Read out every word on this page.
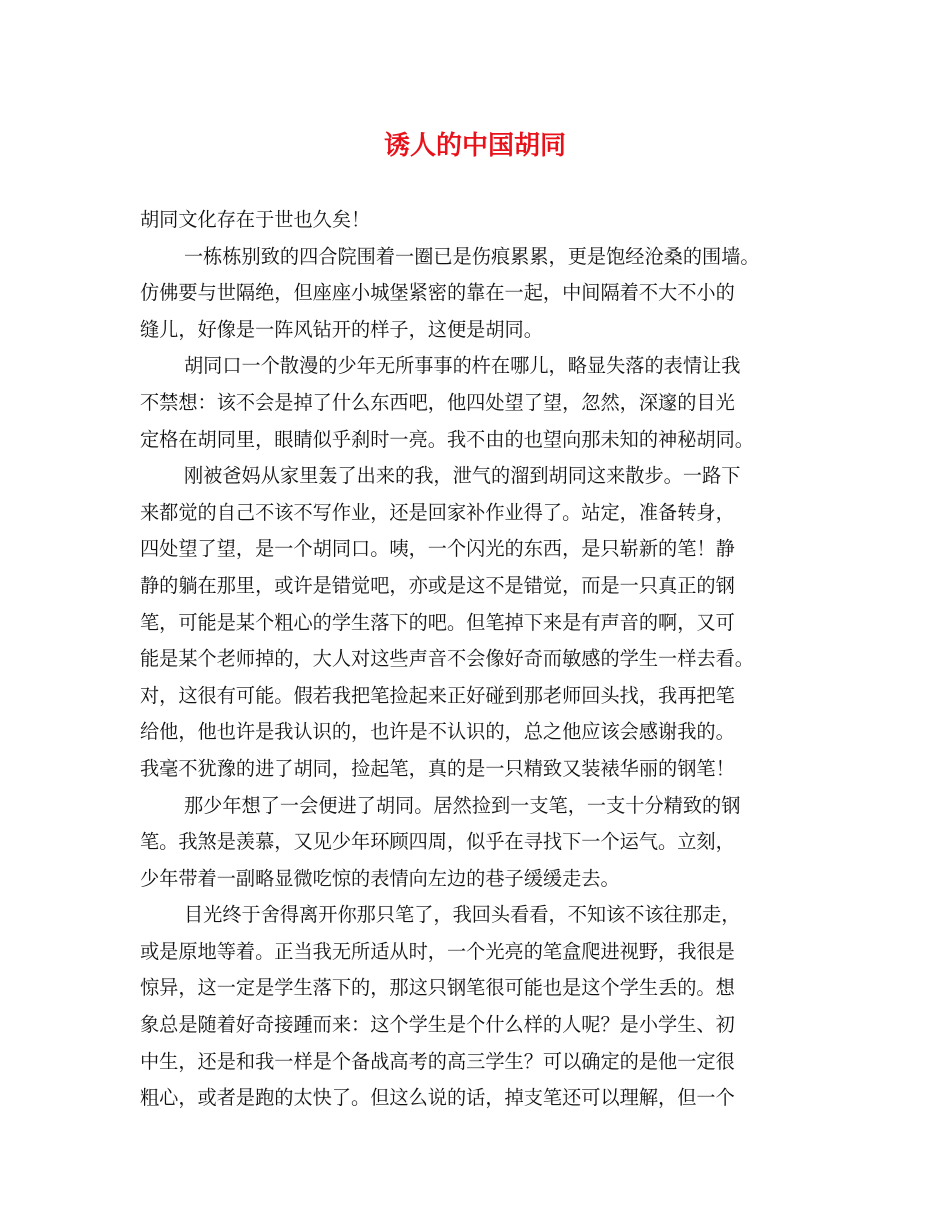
诱人的中国胡同
胡同文化存在于世也久矣！
一栋栋别致的四合院围着一圈已是伤痕累累，更是饱经沧桑的围墙。
仿佛要与世隔绝，但座座小城堡紧密的靠在一起，中间隔着不大不小的
缝儿，好像是一阵风钻开的样子，这便是胡同。
胡同口一个散漫的少年无所事事的杵在哪儿，略显失落的表情让我
不禁想：该不会是掉了什么东西吧，他四处望了望，忽然，深邃的目光
定格在胡同里，眼睛似乎刹时一亮。我不由的也望向那未知的神秘胡同。
刚被爸妈从家里轰了出来的我，泄气的溜到胡同这来散步。一路下
来都觉的自己不该不写作业，还是回家补作业得了。站定，准备转身，
四处望了望，是一个胡同口。咦，一个闪光的东西，是只崭新的笔！静
静的躺在那里，或许是错觉吧，亦或是这不是错觉，而是一只真正的钢
笔，可能是某个粗心的学生落下的吧。但笔掉下来是有声音的啊，又可
能是某个老师掉的，大人对这些声音不会像好奇而敏感的学生一样去看。
对，这很有可能。假若我把笔捡起来正好碰到那老师回头找，我再把笔
给他，他也许是我认识的，也许是不认识的，总之他应该会感谢我的。
我毫不犹豫的进了胡同，捡起笔，真的是一只精致又装裱华丽的钢笔！
那少年想了一会便进了胡同。居然捡到一支笔，一支十分精致的钢
笔。我煞是羡慕，又见少年环顾四周，似乎在寻找下一个运气。立刻，
少年带着一副略显微吃惊的表情向左边的巷子缓缓走去。
目光终于舍得离开你那只笔了，我回头看看，不知该不该往那走，
或是原地等着。正当我无所适从时，一个光亮的笔盒爬进视野，我很是
惊异，这一定是学生落下的，那这只钢笔很可能也是这个学生丢的。想
象总是随着好奇接踵而来：这个学生是个什么样的人呢？是小学生、初
中生，还是和我一样是个备战高考的高三学生？可以确定的是他一定很
粗心，或者是跑的太快了。但这么说的话，掉支笔还可以理解，但一个
